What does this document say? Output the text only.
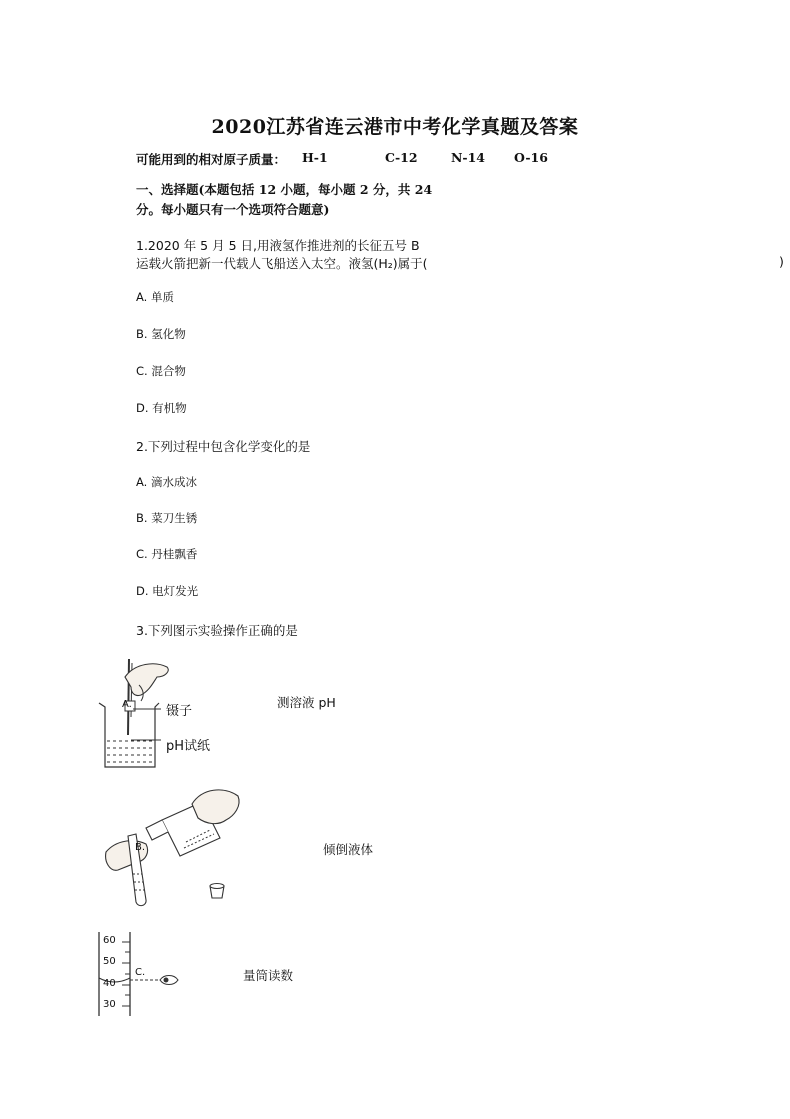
2020江苏省连云港市中考化学真题及答案
可能用到的相对原子质量： H-1	C-12	N-14 O-16
一、选择题(本题包括 12 小题，每小题 2 分，共 24
分。每小题只有一个选项符合题意)
1.2020 年 5 月 5 日,用液氢作推进剂的长征五号 B
运载火箭把新一代载人飞船送入太空。液氢(H₂)属于(	)
A. 单质
B. 氢化物
C. 混合物
D. 有机物
2.下列过程中包含化学变化的是
A. 滴水成冰
B. 菜刀生锈
C. 丹桂飘香
D. 电灯发光
3.下列图示实验操作正确的是
A.	镊子
pH试纸
测溶液 pH
B.	倾倒液体
60
50
40
30
C.	量筒读数
